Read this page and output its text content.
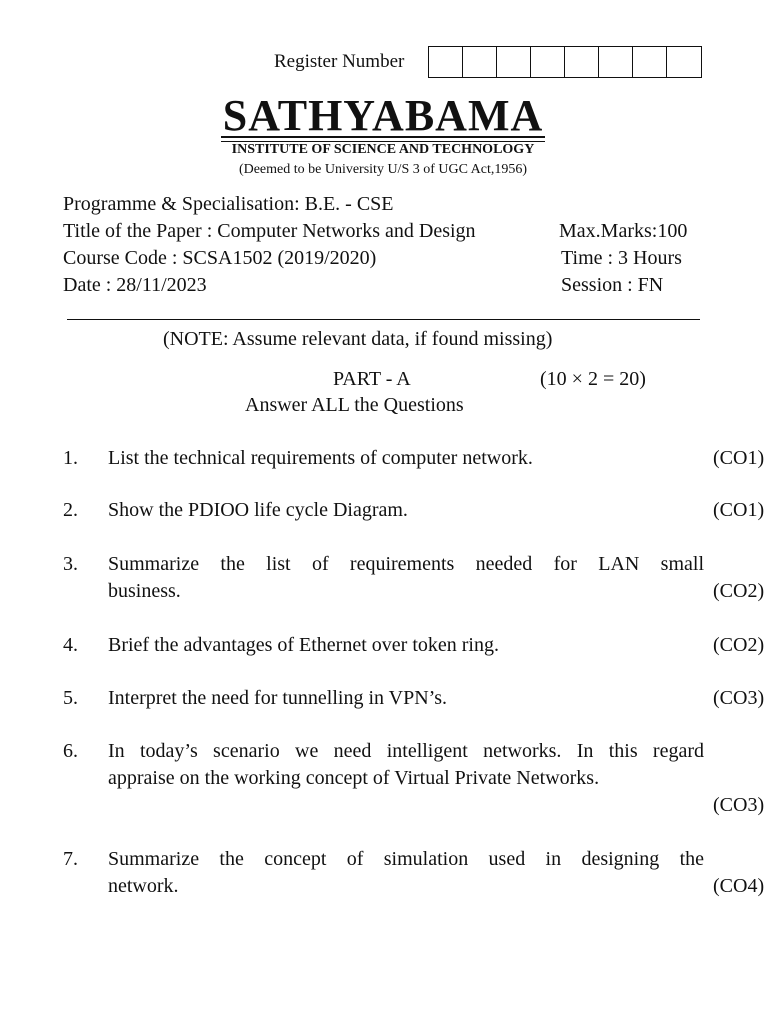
Register Number
SATHYABAMA
INSTITUTE OF SCIENCE AND TECHNOLOGY
(Deemed to be University U/S 3 of UGC Act,1956)
Programme & Specialisation: B.E. - CSE
Title of the Paper : Computer Networks and Design	Max.Marks:100
Course Code : SCSA1502 (2019/2020)	Time : 3 Hours
Date : 28/11/2023	Session : FN
(NOTE: Assume relevant data, if found missing)
PART - A	(10 × 2 = 20)
Answer ALL the Questions
1. List the technical requirements of computer network.	(CO1)
2. Show the PDIOO life cycle Diagram.	(CO1)
3. Summarize the list of requirements needed for LAN small
business.	(CO2)
4. Brief the advantages of Ethernet over token ring.	(CO2)
5. Interpret the need for tunnelling in VPN’s.	(CO3)
6. In today’s scenario we need intelligent networks. In this regard
appraise on the working concept of Virtual Private Networks.
(CO3)
7. Summarize the concept of simulation used in designing the
network.	(CO4)
